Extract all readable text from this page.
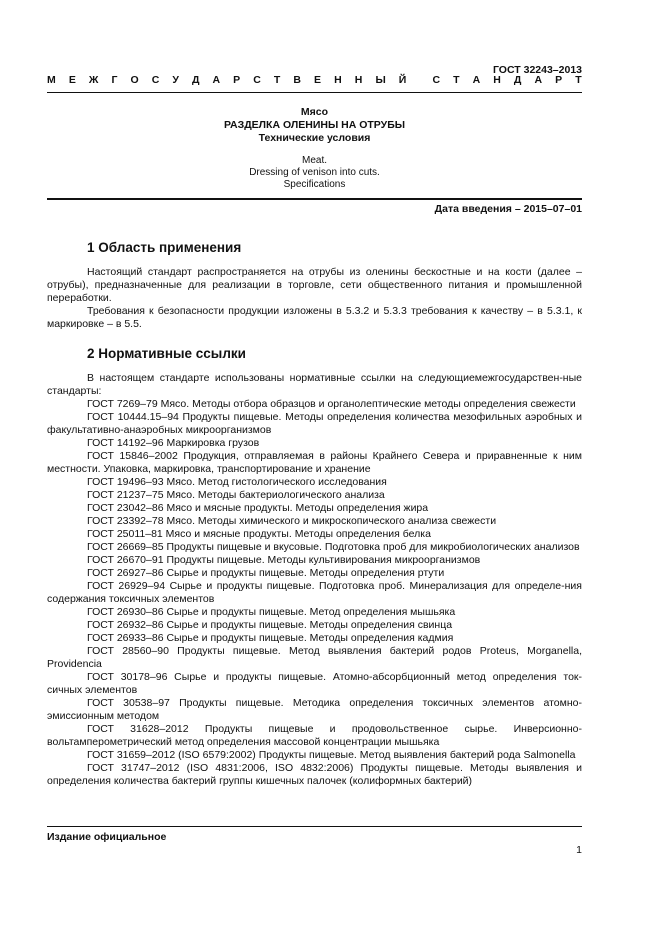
ГОСТ 32243–2013
М Е Ж Г О С У Д А Р С Т В Е Н Н Ы Й С Т А Н Д А Р Т
Мясо
РАЗДЕЛКА ОЛЕНИНЫ НА ОТРУБЫ
Технические условия
Meat.
Dressing of venison into cuts.
Specifications
Дата введения – 2015–07–01
1 Область применения

Настоящий стандарт распространяется на отрубы из оленины бескостные и на кости (далее – отрубы), предназначенные для реализации в торговле, сети общественного питания и промышленной переработки.

Требования к безопасности продукции изложены в 5.3.2 и 5.3.3 требования к качеству – в 5.3.1, к маркировке – в 5.5.

2 Нормативные ссылки

В настоящем стандарте использованы нормативные ссылки на следующиемежгосударствен-ные стандарты:

ГОСТ 7269–79 Мясо. Методы отбора образцов и органолептические методы определения свежести

ГОСТ 10444.15–94 Продукты пищевые. Методы определения количества мезофильных аэробных и факультативно-анаэробных микроорганизмов

ГОСТ 14192–96 Маркировка грузов

ГОСТ 15846–2002 Продукция, отправляемая в районы Крайнего Севера и приравненные к ним местности. Упаковка, маркировка, транспортирование и хранение

ГОСТ 19496–93 Мясо. Метод гистологического исследования

ГОСТ 21237–75 Мясо. Методы бактериологического анализа

ГОСТ 23042–86 Мясо и мясные продукты. Методы определения жира

ГОСТ 23392–78 Мясо. Методы химического и микроскопического анализа свежести

ГОСТ 25011–81 Мясо и мясные продукты. Методы определения белка

ГОСТ 26669–85 Продукты пищевые и вкусовые. Подготовка проб для микробиологических анализов

ГОСТ 26670–91 Продукты пищевые. Методы культивирования микроорганизмов

ГОСТ 26927–86 Сырье и продукты пищевые. Методы определения ртути

ГОСТ 26929–94 Сырье и продукты пищевые. Подготовка проб. Минерализация для определе-ния содержания токсичных элементов

ГОСТ 26930–86 Сырье и продукты пищевые. Метод определения мышьяка

ГОСТ 26932–86 Сырье и продукты пищевые. Методы определения свинца

ГОСТ 26933–86 Сырье и продукты пищевые. Методы определения кадмия

ГОСТ 28560–90 Продукты пищевые. Метод выявления бактерий родов Proteus, Morganella, Providencia

ГОСТ 30178–96 Сырье и продукты пищевые. Атомно-абсорбционный метод определения ток-сичных элементов

ГОСТ 30538–97 Продукты пищевые. Методика определения токсичных элементов атомно-эмиссионным методом

ГОСТ 31628–2012 Продукты пищевые и продовольственное сырье. Инверсионно-вольтамперометрический метод определения массовой концентрации мышьяка

ГОСТ 31659–2012 (ISO 6579:2002) Продукты пищевые. Метод выявления бактерий рода Salmonella

ГОСТ 31747–2012 (ISO 4831:2006, ISO 4832:2006) Продукты пищевые. Методы выявления и определения количества бактерий группы кишечных палочек (колиформных бактерий)

Издание официальное
1
